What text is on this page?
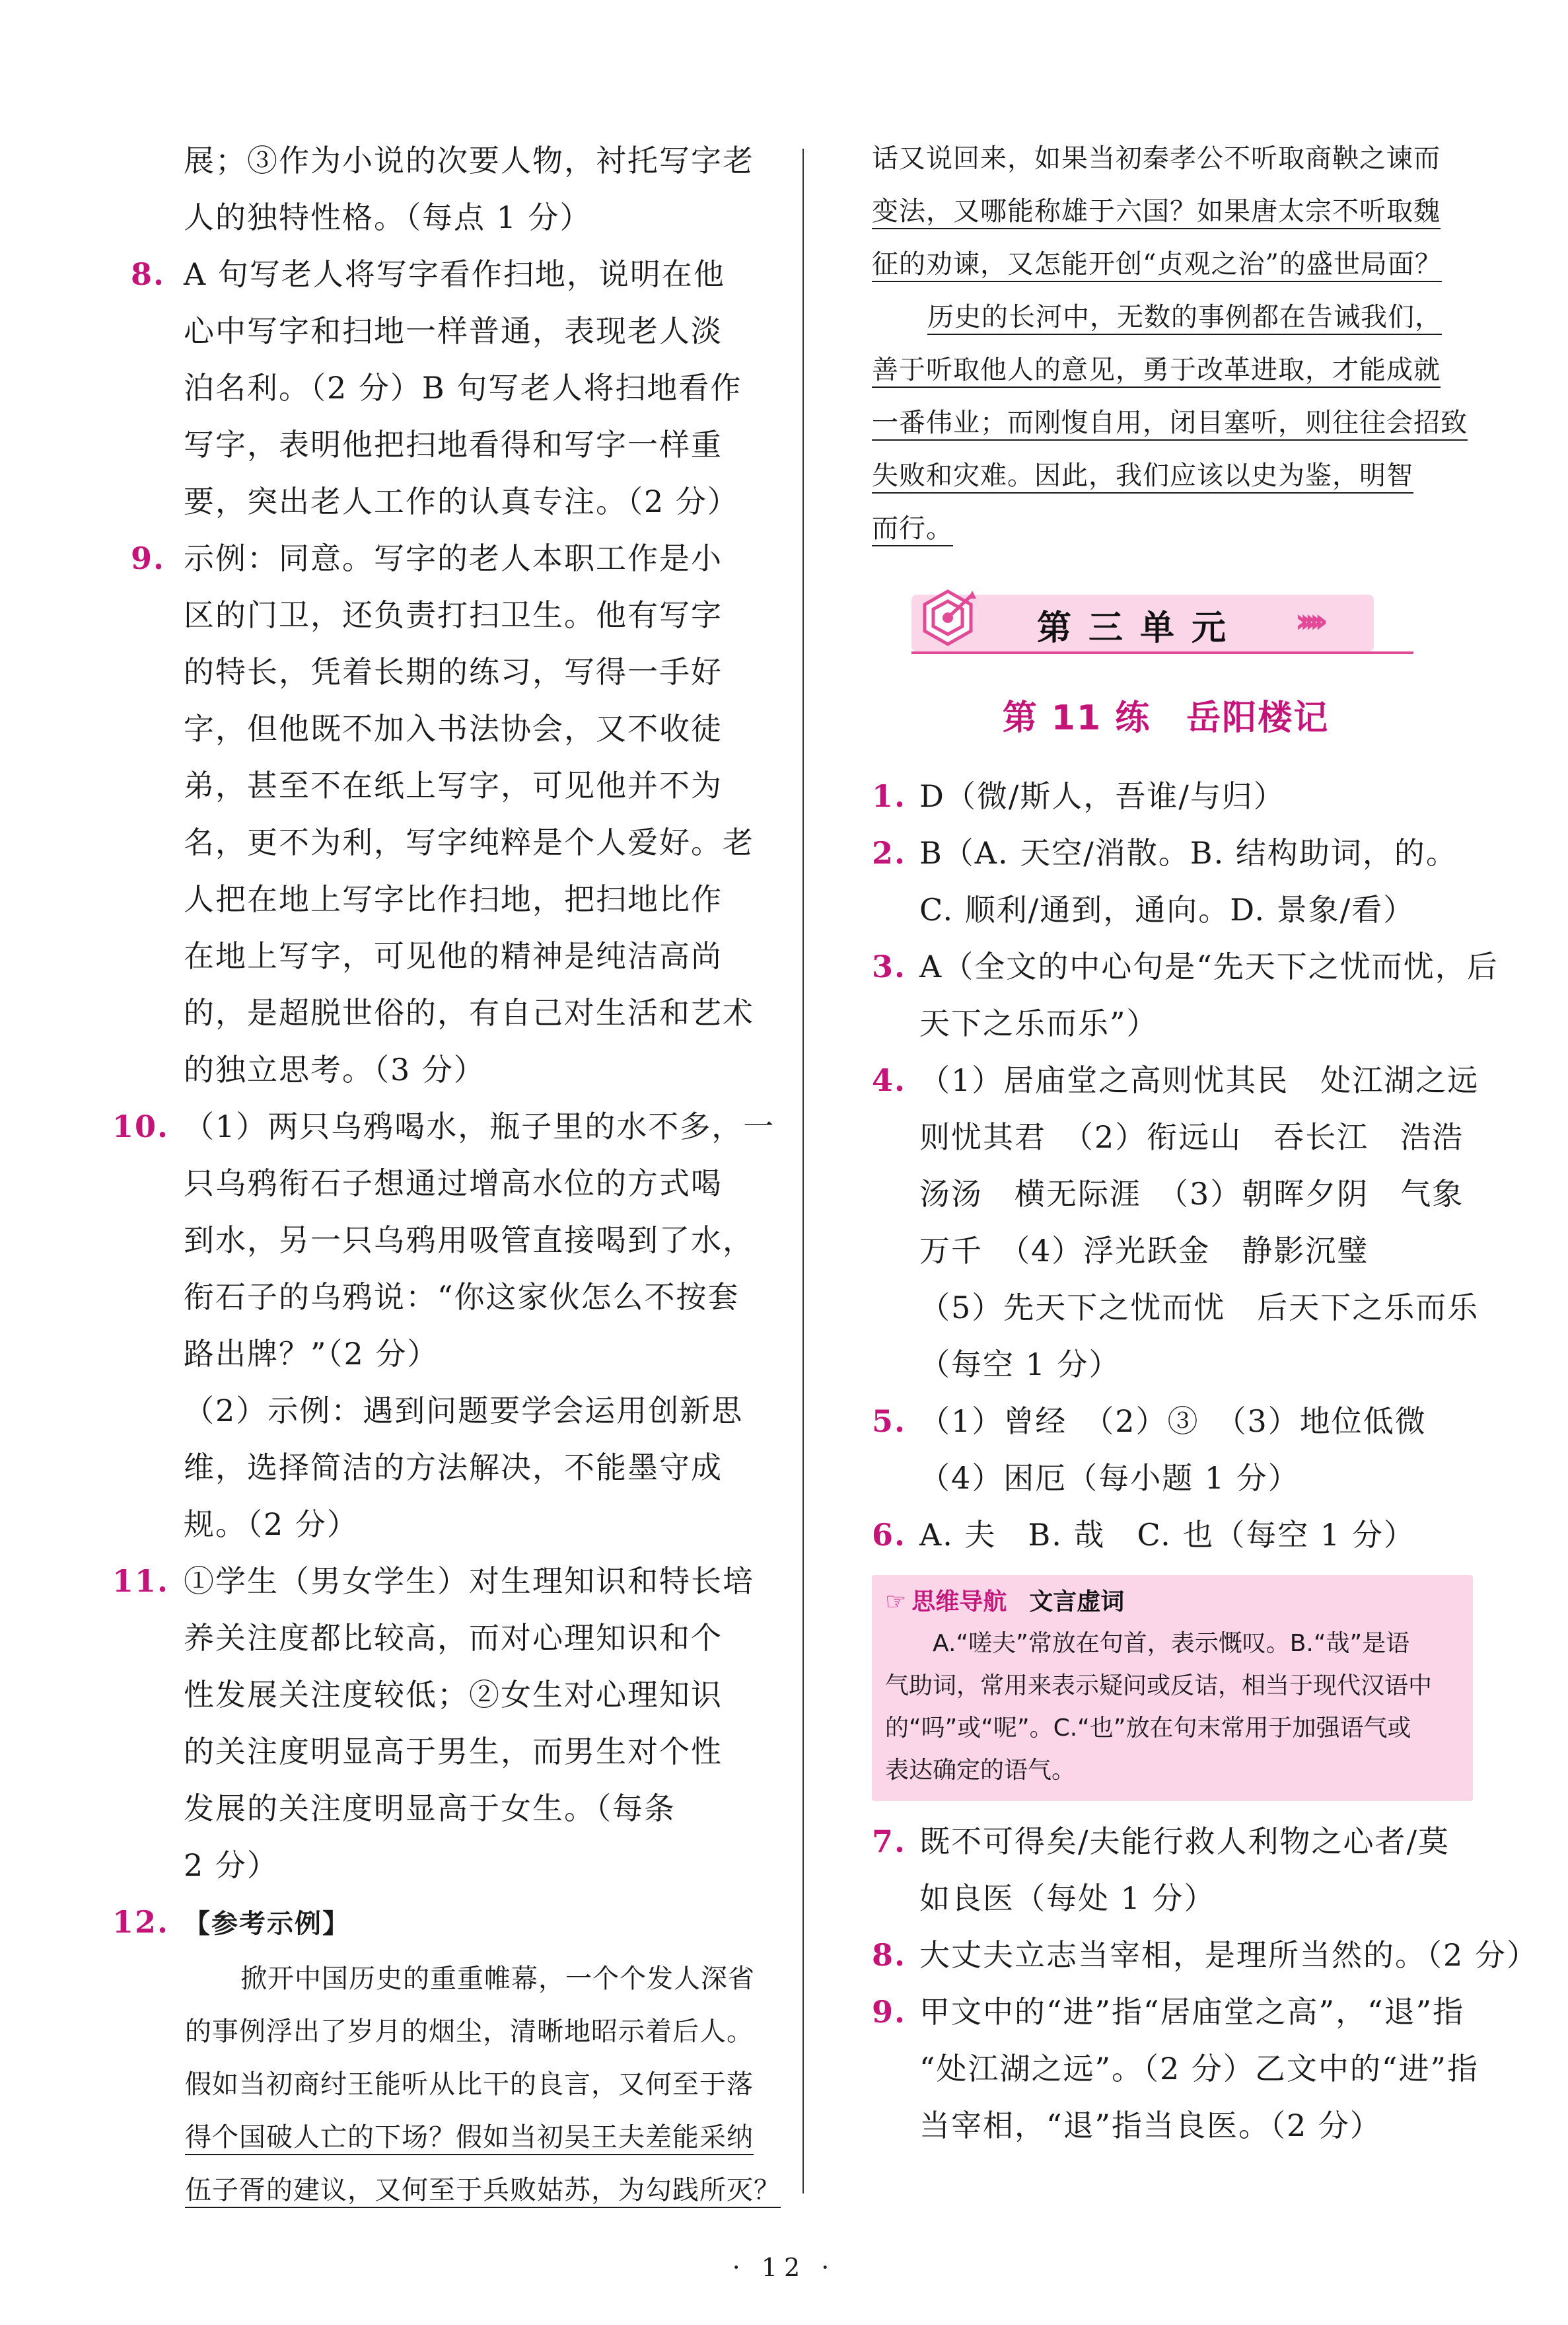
展；③作为小说的次要人物，衬托写字老
人的独特性格。（每点 1 分）
8. A 句写老人将写字看作扫地，说明在他
心中写字和扫地一样普通，表现老人淡
泊名利。（2 分）B 句写老人将扫地看作
写字，表明他把扫地看得和写字一样重
要，突出老人工作的认真专注。（2 分）
9. 示例：同意。写字的老人本职工作是小
区的门卫，还负责打扫卫生。他有写字
的特长，凭着长期的练习，写得一手好
字，但他既不加入书法协会，又不收徒
弟，甚至不在纸上写字，可见他并不为
名，更不为利，写字纯粹是个人爱好。老
人把在地上写字比作扫地，把扫地比作
在地上写字，可见他的精神是纯洁高尚
的，是超脱世俗的，有自己对生活和艺术
的独立思考。（3 分）
10. （1）两只乌鸦喝水，瓶子里的水不多，一
只乌鸦衔石子想通过增高水位的方式喝
到水，另一只乌鸦用吸管直接喝到了水，
衔石子的乌鸦说：“你这家伙怎么不按套
路出牌？”（2 分）
（2）示例：遇到问题要学会运用创新思
维，选择简洁的方法解决，不能墨守成
规。（2 分）
11. ①学生（男女学生）对生理知识和特长培
养关注度都比较高，而对心理知识和个
性发展关注度较低；②女生对心理知识
的关注度明显高于男生，而男生对个性
发展的关注度明显高于女生。（每条
2 分）
12. 【参考示例】
掀开中国历史的重重帷幕，一个个发人深省
的事例浮出了岁月的烟尘，清晰地昭示着后人。
假如当初商纣王能听从比干的良言，又何至于落
得个国破人亡的下场？假如当初吴王夫差能采纳
伍子胥的建议，又何至于兵败姑苏，为勾践所灭？
话又说回来，如果当初秦孝公不听取商鞅之谏而
变法，又哪能称雄于六国？如果唐太宗不听取魏
征的劝谏，又怎能开创“贞观之治”的盛世局面？
历史的长河中，无数的事例都在告诫我们，
善于听取他人的意见，勇于改革进取，才能成就
一番伟业；而刚愎自用，闭目塞听，则往往会招致
失败和灾难。因此，我们应该以史为鉴，明智
而行。
第三单元 ›››››
第 11 练　岳阳楼记
1. D（微/斯人，吾谁/与归）
2. B（A. 天空/消散。B. 结构助词，的。
C. 顺利/通到，通向。D. 景象/看）
3. A（全文的中心句是“先天下之忧而忧，后
天下之乐而乐”）
4. （1）居庙堂之高则忧其民　处江湖之远
则忧其君　（2）衔远山　吞长江　浩浩
汤汤　横无际涯　（3）朝晖夕阴　气象
万千　（4）浮光跃金　静影沉璧
（5）先天下之忧而忧　后天下之乐而乐
（每空 1 分）
5. （1）曾经　（2）③　（3）地位低微
（4）困厄（每小题 1 分）
6. A. 夫　B. 哉　C. 也（每空 1 分）
☞ 思维导航 文言虚词
A.“嗟夫”常放在句首，表示慨叹。B.“哉”是语
气助词，常用来表示疑问或反诘，相当于现代汉语中
的“吗”或“呢”。C.“也”放在句末常用于加强语气或
表达确定的语气。
7. 既不可得矣/夫能行救人利物之心者/莫
如良医（每处 1 分）
8. 大丈夫立志当宰相，是理所当然的。（2 分）
9. 甲文中的“进”指“居庙堂之高”，“退”指
“处江湖之远”。（2 分）乙文中的“进”指
当宰相，“退”指当良医。（2 分）
· 12 ·
